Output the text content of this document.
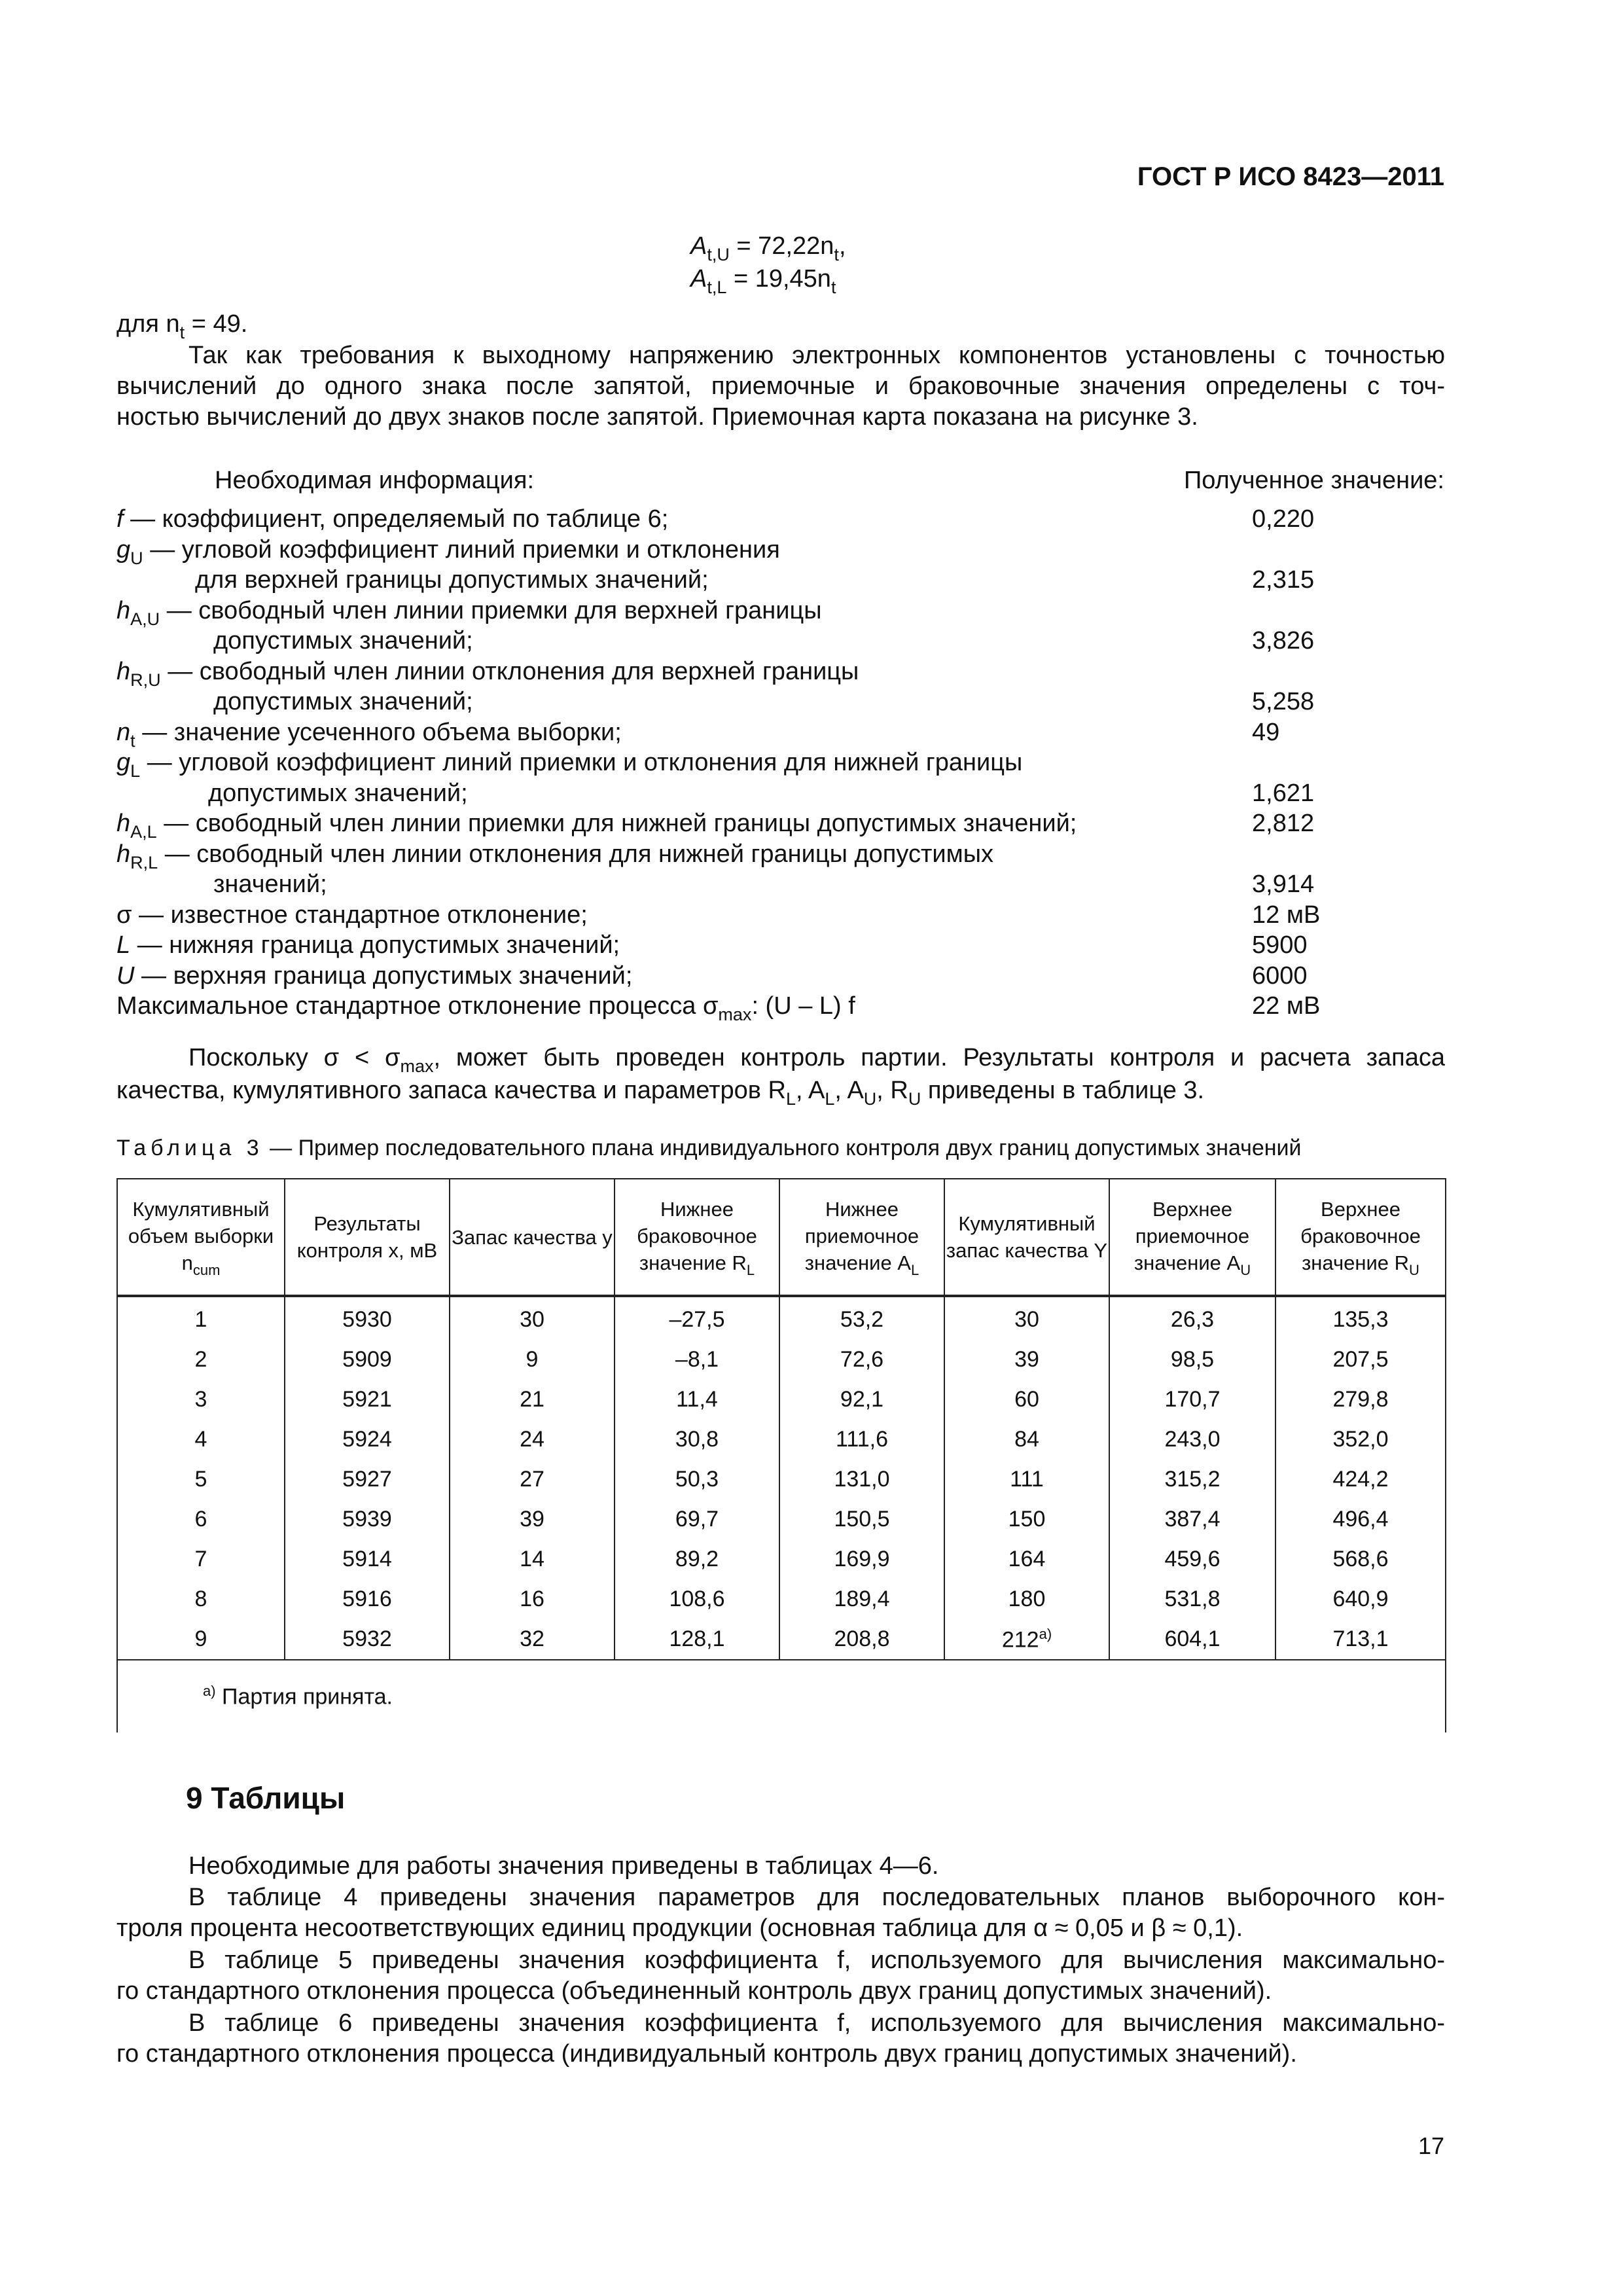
ГОСТ Р ИСО 8423—2011
$A_{t,U} = 72,22n_t$,
$A_{t,L} = 19,45n_t$
для $n_t = 49$.
Так как требования к выходному напряжению электронных компонентов установлены с точностью
вычислений до одного знака после запятой, приемочные и браковочные значения определены с точ-
ностью вычислений до двух знаков после запятой. Приемочная карта показана на рисунке 3.
Необходимая информация:	Полученное значение:
f — коэффициент, определяемый по таблице 6;	0,220
$g_U$ — угловой коэффициент линий приемки и отклонения
для верхней границы допустимых значений;	2,315
$h_{A,U}$ — свободный член линии приемки для верхней границы
допустимых значений;	3,826
$h_{R,U}$ — свободный член линии отклонения для верхней границы
допустимых значений;	5,258
$n_t$ — значение усеченного объема выборки;	49
$g_L$ — угловой коэффициент линий приемки и отклонения для нижней границы
допустимых значений;	1,621
$h_{A,L}$ — свободный член линии приемки для нижней границы допустимых значений;	2,812
$h_{R,L}$ — свободный член линии отклонения для нижней границы допустимых
значений;	3,914
σ — известное стандартное отклонение;	12 мВ
L — нижняя граница допустимых значений;	5900
U — верхняя граница допустимых значений;	6000
Максимальное стандартное отклонение процесса $\sigma_{max}$: (U – L) f	22 мВ
Поскольку $\sigma < \sigma_{max}$, может быть проведен контроль партии. Результаты контроля и расчета запаса
качества, кумулятивного запаса качества и параметров $R_L$, $A_L$, $A_U$, $R_U$ приведены в таблице 3.
Таблица 3 — Пример последовательного плана индивидуального контроля двух границ допустимых значений
Кумулятивный объем выборки $n_{cum}$	Результаты контроля x, мВ	Запас качества y	Нижнее браковочное значение $R_L$	Нижнее приемочное значение $A_L$	Кумулятивный запас качества Y	Верхнее приемочное значение $A_U$	Верхнее браковочное значение $R_U$
1	5930	30	–27,5	53,2	30	26,3	135,3
2	5909	9	–8,1	72,6	39	98,5	207,5
3	5921	21	11,4	92,1	60	170,7	279,8
4	5924	24	30,8	111,6	84	243,0	352,0
5	5927	27	50,3	131,0	111	315,2	424,2
6	5939	39	69,7	150,5	150	387,4	496,4
7	5914	14	89,2	169,9	164	459,6	568,6
8	5916	16	108,6	189,4	180	531,8	640,9
9	5932	32	128,1	208,8	$212^{а)}$	604,1	713,1
$^{а)}$ Партия принята.							
9 Таблицы
Необходимые для работы значения приведены в таблицах 4—6.
В таблице 4 приведены значения параметров для последовательных планов выборочного кон-
троля процента несоответствующих единиц продукции (основная таблица для α ≈ 0,05 и β ≈ 0,1).
В таблице 5 приведены значения коэффициента f, используемого для вычисления максимально-
го стандартного отклонения процесса (объединенный контроль двух границ допустимых значений).
В таблице 6 приведены значения коэффициента f, используемого для вычисления максимально-
го стандартного отклонения процесса (индивидуальный контроль двух границ допустимых значений).
17
